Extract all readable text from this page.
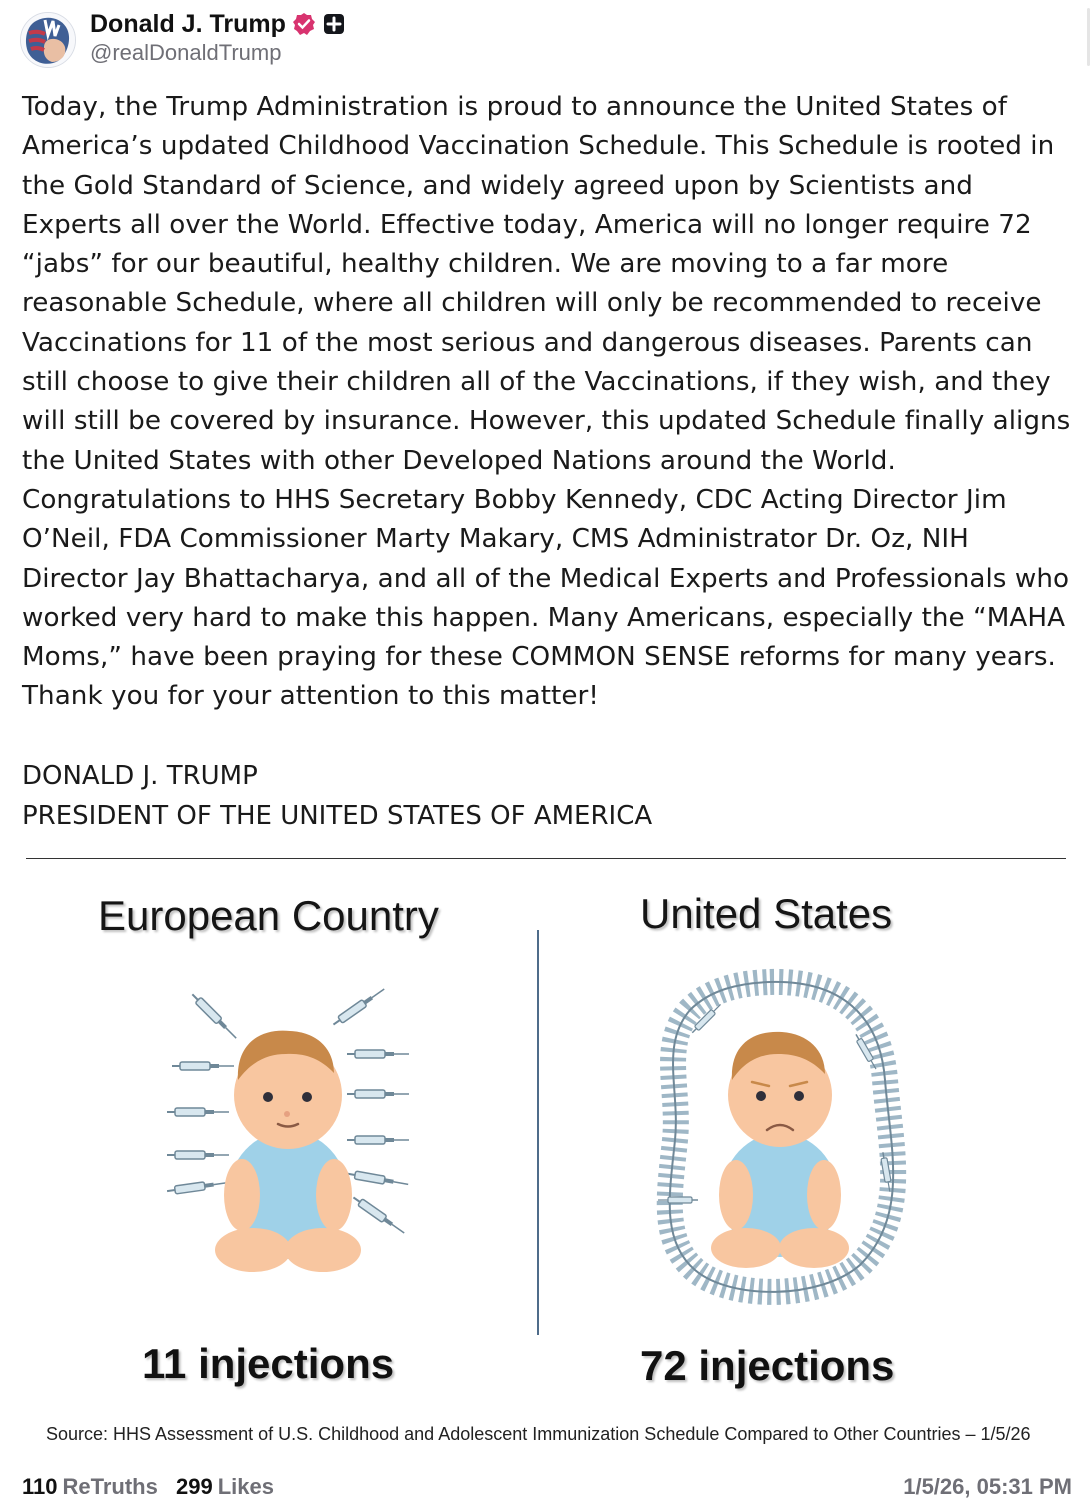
Donald J. Trump
@realDonaldTrump

Today, the Trump Administration is proud to announce the United States of America’s updated Childhood Vaccination Schedule. This Schedule is rooted in the Gold Standard of Science, and widely agreed upon by Scientists and Experts all over the World. Effective today, America will no longer require 72 “jabs” for our beautiful, healthy children. We are moving to a far more reasonable Schedule, where all children will only be recommended to receive Vaccinations for 11 of the most serious and dangerous diseases. Parents can still choose to give their children all of the Vaccinations, if they wish, and they will still be covered by insurance. However, this updated Schedule finally aligns the United States with other Developed Nations around the World. Congratulations to HHS Secretary Bobby Kennedy, CDC Acting Director Jim O’Neil, FDA Commissioner Marty Makary, CMS Administrator Dr. Oz, NIH Director Jay Bhattacharya, and all of the Medical Experts and Professionals who worked very hard to make this happen. Many Americans, especially the “MAHA Moms,” have been praying for these COMMON SENSE reforms for many years. Thank you for your attention to this matter!

DONALD J. TRUMP
PRESIDENT OF THE UNITED STATES OF AMERICA
European Country	United States
11 injections	72 injections
Source: HHS Assessment of U.S. Childhood and Adolescent Immunization Schedule Compared to Other Countries – 1/5/26
110 ReTruths
299 Likes	1/5/26, 05:31 PM
